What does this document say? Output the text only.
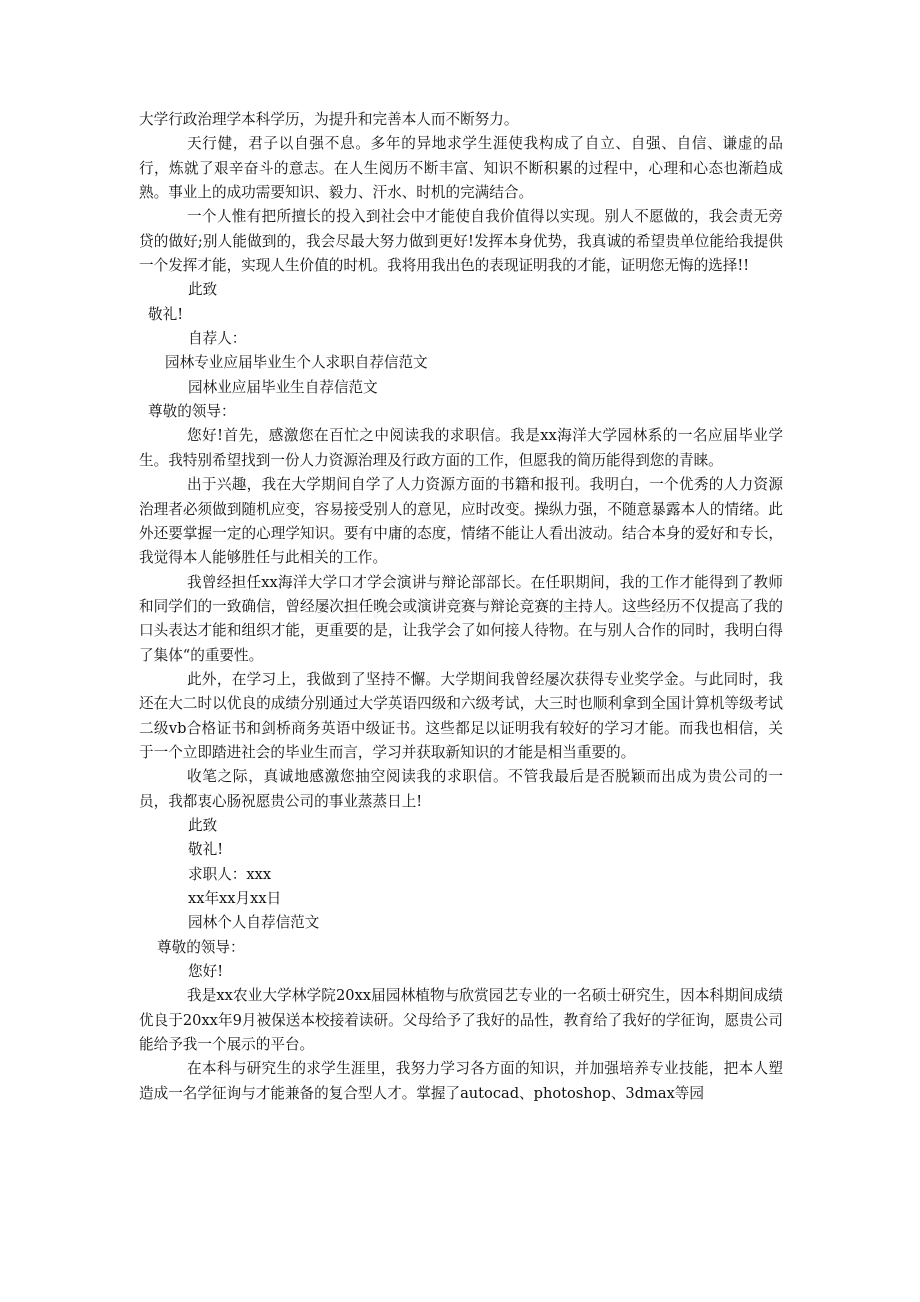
大学行政治理学本科学历，为提升和完善本人而不断努力。

天行健，君子以自强不息。多年的异地求学生涯使我构成了自立、自强、自信、谦虚的品行，炼就了艰辛奋斗的意志。在人生阅历不断丰富、知识不断积累的过程中，心理和心态也渐趋成熟。事业上的成功需要知识、毅力、汗水、时机的完满结合。

一个人惟有把所擅长的投入到社会中才能使自我价值得以实现。别人不愿做的，我会责无旁贷的做好;别人能做到的，我会尽最大努力做到更好!发挥本身优势，我真诚的希望贵单位能给我提供一个发挥才能，实现人生价值的时机。我将用我出色的表现证明我的才能，证明您无悔的选择!!

此致

敬礼!

自荐人：

园林专业应届毕业生个人求职自荐信范文

园林业应届毕业生自荐信范文

尊敬的领导：

您好!首先，感激您在百忙之中阅读我的求职信。我是xx海洋大学园林系的一名应届毕业学生。我特别希望找到一份人力资源治理及行政方面的工作，但愿我的简历能得到您的青睐。

出于兴趣，我在大学期间自学了人力资源方面的书籍和报刊。我明白，一个优秀的人力资源治理者必须做到随机应变，容易接受别人的意见，应时改变。操纵力强，不随意暴露本人的情绪。此外还要掌握一定的心理学知识。要有中庸的态度，情绪不能让人看出波动。结合本身的爱好和专长，我觉得本人能够胜任与此相关的工作。

我曾经担任xx海洋大学口才学会演讲与辩论部部长。在任职期间，我的工作才能得到了教师和同学们的一致确信，曾经屡次担任晚会或演讲竞赛与辩论竞赛的主持人。这些经历不仅提高了我的口头表达才能和组织才能，更重要的是，让我学会了如何接人待物。在与别人合作的同时，我明白得了集体“的重要性。

此外，在学习上，我做到了坚持不懈。大学期间我曾经屡次获得专业奖学金。与此同时，我还在大二时以优良的成绩分别通过大学英语四级和六级考试，大三时也顺利拿到全国计算机等级考试二级vb合格证书和剑桥商务英语中级证书。这些都足以证明我有较好的学习才能。而我也相信，关于一个立即踏进社会的毕业生而言，学习并获取新知识的才能是相当重要的。

收笔之际，真诚地感激您抽空阅读我的求职信。不管我最后是否脱颖而出成为贵公司的一员，我都衷心肠祝愿贵公司的事业蒸蒸日上!

此致

敬礼!

求职人：xxx

xx年xx月xx日

园林个人自荐信范文

尊敬的领导：

您好!

我是xx农业大学林学院20xx届园林植物与欣赏园艺专业的一名硕士研究生，因本科期间成绩优良于20xx年9月被保送本校接着读研。父母给予了我好的品性，教育给了我好的学征询，愿贵公司能给予我一个展示的平台。

在本科与研究生的求学生涯里，我努力学习各方面的知识，并加强培养专业技能，把本人塑造成一名学征询与才能兼备的复合型人才。掌握了autocad、photoshop、3dmax等园
